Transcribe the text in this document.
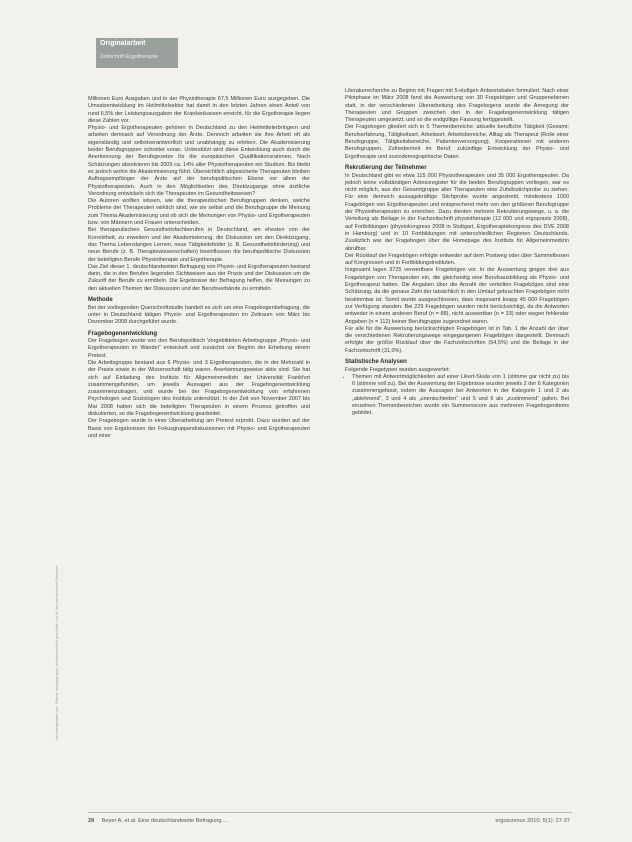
Originalarbeit
Zeitschrift Ergotherapie
Heruntergeladen von: Thieme Verlagsgruppe. Urheberrechtlich geschützt. Nur für den persönlichen Gebrauch.

Millionen Euro Ausgaben und in der Physiotherapie 67,5 Millionen Euro ausgegeben. Die Umsatzentwicklung im Heilmittelsektor hat damit in den letzten Jahren einen Anteil von rund 6,5% der Leistungsausgaben der Krankenkassen erreicht, für die Ergotherapie liegen diese Zahlen vor.

Physio- und Ergotherapeuten gehören in Deutschland zu den Heilmittelerbringern und arbeiten demnach auf Verordnung der Ärzte. Dennoch arbeiten sie ihre Arbeit oft als eigenständig und selbstverantwortlich und unabhängig zu erleben. Die Akademisierung beider Berufsgruppen schreitet voran. Unterstützt wird diese Entwicklung auch durch die Anerkennung der Berufsgesetze für die europäischen Qualifikationsrahmen. Nach Schätzungen absolvieren bis 2009 ca. 14% aller Physiotherapeuten ein Studium. Bis bleibt es jedoch wohin die Akademisierung führt. Übersichtlich abgesicherte Therapeuten bleiben Auftragsempfänger der Ärzte auf der berufspolitischen Ebene vor allem der Physiotherapeuten. Auch in den Möglichkeiten des Direktzugangs ohne ärztliche Verordnung entwickeln sich die Therapeuten im Gesundheitswesen?

Die Autoren wollten wissen, wie die therapeutischen Berufsgruppen denken, welche Probleme der Therapeuten wirklich sind, wie sie selbst und die Berufsgruppe die Meinung zum Thema Akademisierung und ob sich die Meinungen von Physio- und Ergotherapeuten bzw. von Männern und Frauen unterscheiden.

Bei therapeutischen Gesundheitsfachberufen in Deutschland, am ehesten von der Korrektheit, zu erweitern und der Akademisierung, die Diskussion um den Direktzugang, das Thema Lebenslanges Lernen, neue Tätigkeitsfelder (z. B. Gesundheitsförderung) und neue Berufe (z. B. Therapiewissenschaften) beeinflussen die berufspolitische Diskussion der beteiligten Berufe Physiotherapie und Ergotherapie.

Das Ziel dieser 1. deutschlandweiten Befragung von Physio- und Ergotherapeuten bestand darin, die in den Berufen liegenden Sichtweisen aus der Praxis und der Diskussion um die Zukunft der Berufe zu ermitteln. Die Ergebnisse der Befragung helfen, die Meinungen zu den aktuellen Themen der Diskussion und der Berufsverbände zu ermitteln.

Methode

Bei der vorliegenden Querschnittstudie handelt es sich um eine Fragebogenbefragung, die unter in Deutschland tätigen Physio- und Ergotherapeuten im Zeitraum von März bis Dezember 2008 durchgeführt wurde.

Fragebogenentwicklung

Der Fragebogen wurde von den Berufspolitisch Vorgebildeten Arbeitsgruppe „Physio- und Ergotherapeuten im Wandel“ entwickelt und zunächst vor Beginn der Erhebung einem Pretest.

Die Arbeitsgruppe bestand aus 6 Physio- und 3 Ergotherapeuten, die in der Mehrzahl in der Praxis sowie in der Wissenschaft tätig waren. Anerkennungsweise aktiv sind. Sie hat sich auf Einladung des Instituts für Allgemeinmedizin der Universität Frankfurt zusammengefunden, um jeweils Aussagen aus der Fragebogenentwicklung zusammenzutragen, und wurde bei der Fragebogenentwicklung von erfahrenen Psychologen und Soziologen des Instituts unterstützt. In der Zeit von November 2007 bis Mai 2008 haben sich die beteiligten Therapeuten in einem Prozess getroffen und diskutierten, so die Fragebogenentwicklung gearbeitet.

Der Fragebogen wurde in einer Überarbeitung am Pretest erprobt. Dazu wurden auf der Basis von Ergebnissen der Fokusgruppendiskussionen mit Physio- und Ergotherapeuten und einer

Literaturrecherche zu Beginn mit Fragen mit 5-stufigen Antwortskalen formuliert. Nach einer Pilotphase im März 2008 fand die Auswertung von 30 Fragebögen und Gruppenebenen statt, in der verschiedenen Überarbeitung des Fragebogens wurde die Anregung der Therapeuten und Gruppen zwischen den in der Fragebogenentwicklung tätigen Therapeuten umgesetzt, und so die endgültige Fassung fertiggestellt.

Der Fragebogen gliedert sich in 5 Themenbereiche: aktuelle berufliche Tätigkeit (Gesamt: Berufserfahrung, Tätigkeitsart, Arbeitsort, Arbeitsbereiche, Alltag als Therapeut (Rolle einer Berufsgruppe, Tätigkeitsbereiche, Patientenversorgung), Kooperationen mit anderen Berufsgruppen, Zufriedenheit im Beruf, zukünftige Entwicklung der Physio- und Ergotherapie und soziodemographische Daten.

Rekrutierung der Teilnehmer

In Deutschland gibt es etwa 115 000 Physiotherapeuten und 35 000 Ergotherapeuten. Da jedoch keine vollständigen Adressregister für die beiden Berufsgruppen vorliegen, war es nicht möglich, aus der Gesamtgruppe aller Therapeuten eine Zufallsstichprobe zu ziehen. Für eine dennoch aussagekräftige Stichprobe wurde angestrebt, mindestens 1000 Fragebögen von Ergotherapeuten und entsprechend mehr von den größeren Berufsgruppe der Physiotherapeuten zu erreichen. Dazu dienten mehrere Rekrutierungswege, u. a. die Verteilung als Beilage in der Fachzeitschrift physiotherapie (12 000 und ergopraxis 2008), auf Fortbildungen (physiokongress 2008 in Stuttgart, Ergotherapiekongress des DVE 2008 in Hamburg) und in 10 Fortbildungen mit unterschiedlichen Regionen Deutschlands. Zusätzlich war der Fragebogen über die Homepage des Instituts für Allgemeinmedizin abrufbar.

Der Rücklauf der Fragebögen erfolgte entweder auf dem Postweg oder über Sammelboxen auf Kongressen und in Fortbildungsinstituten.

Insgesamt lagen 3725 verwertbare Fragebögen vor. In der Auswertung gingen drei aus Fragebögen von Therapeuten ein, die gleichzeitig eine Berufsausbildung als Physio- und Ergotherapeut hatten. Die Angaben über die Anzahl der verteilten Fragebögen sind eine Schätzung, da die genaue Zahl der tatsächlich in den Umlauf gebrachten Fragebögen nicht bestimmbar ist. Somit wurde ausgeschlossen, dass insgesamt knapp 45 000 Fragebögen zur Verfügung standen. Bei 229 Fragebögen wurden nicht berücksichtigt, da die Antworten entweder in einem anderen Beruf (n = 88), nicht auswertbar (n = 33) oder wegen fehlender Angaben (n = 112) keiner Berufsgruppe zugeordnet waren.

Für alle für die Auswertung berücksichtigten Fragebögen ist in Tab. 1 die Anzahl der über die verschiedenen Rekrutierungswege eingegangenen Fragebögen dargestellt. Demnach erfolgte der größte Rücklauf über die Fachzeitschriften (54,5%) und die Beilage in der Fachzeitschrift (31,0%).

Statistische Analysen

Folgende Fragetypen wurden ausgewertet:

• Themen mit Antwortmöglichkeiten auf einer Likert-Skala von 1 (stimme gar nicht zu) bis 6 (stimme voll zu). Bei der Auswertung der Ergebnisse wurden jeweils 2 der 6 Kategorien zusammengefasst, indem die Aussagen bei Antworten in der Kategorie 1 und 2 als „ablehnend“, 3 und 4 als „unentschieden“ und 5 und 6 als „zustimmend“ galten. Bei einzelnen Themenbereichen wurde ein Summenscore aus mehreren Fragebogenitems gebildet.
28 Beyer A. et al. Eine deutschlandweite Befragung ...	ergoscience 2010; 5(1): 27-37
